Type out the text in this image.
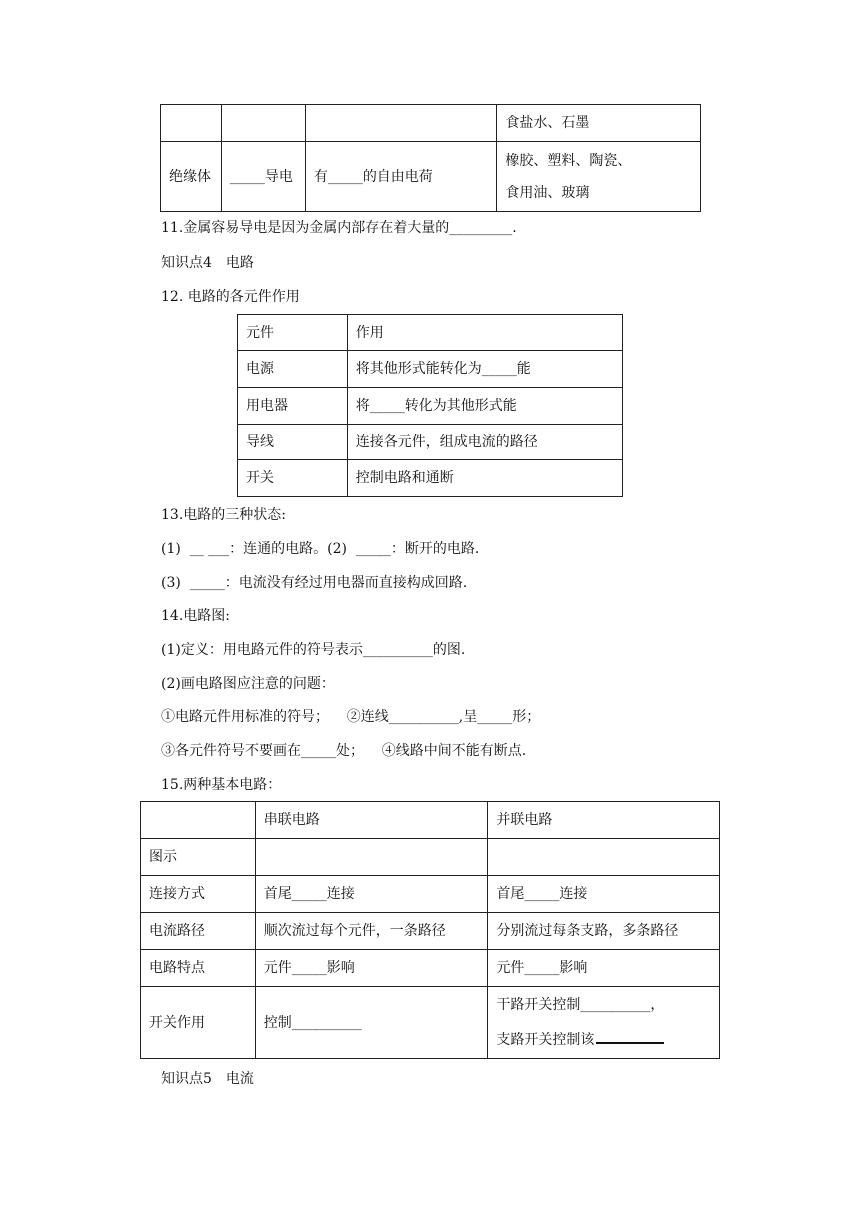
			食盐水、石墨
绝缘体	_____导电	有_____的自由电荷	橡胶、塑料、陶瓷、
食用油、玻璃
11.金属容易导电是因为金属内部存在着大量的_________.
知识点4　电路
12. 电路的各元件作用
元件	作用
电源	将其他形式能转化为_____能
用电器	将_____转化为其他形式能
导线	连接各元件，组成电流的路径
开关	控制电路和通断
13.电路的三种状态:
(1)  __ ___：连通的电路。(2)  _____：断开的电路.
(3)  _____：电流没有经过用电器而直接构成回路.
14.电路图:
(1)定义：用电路元件的符号表示__________的图.
(2)画电路图应注意的问题：
①电路元件用标准的符号；    ②连线__________,呈_____形；
③各元件符号不要画在_____处；    ④线路中间不能有断点.
15.两种基本电路：
	串联电路	并联电路
图示		
连接方式	首尾_____连接	首尾_____连接
电流路径	顺次流过每个元件，一条路径	分别流过每条支路，多条路径
电路特点	元件_____影响	元件_____影响
开关作用	控制__________	干路开关控制__________，
支路开关控制该
知识点5　电流
